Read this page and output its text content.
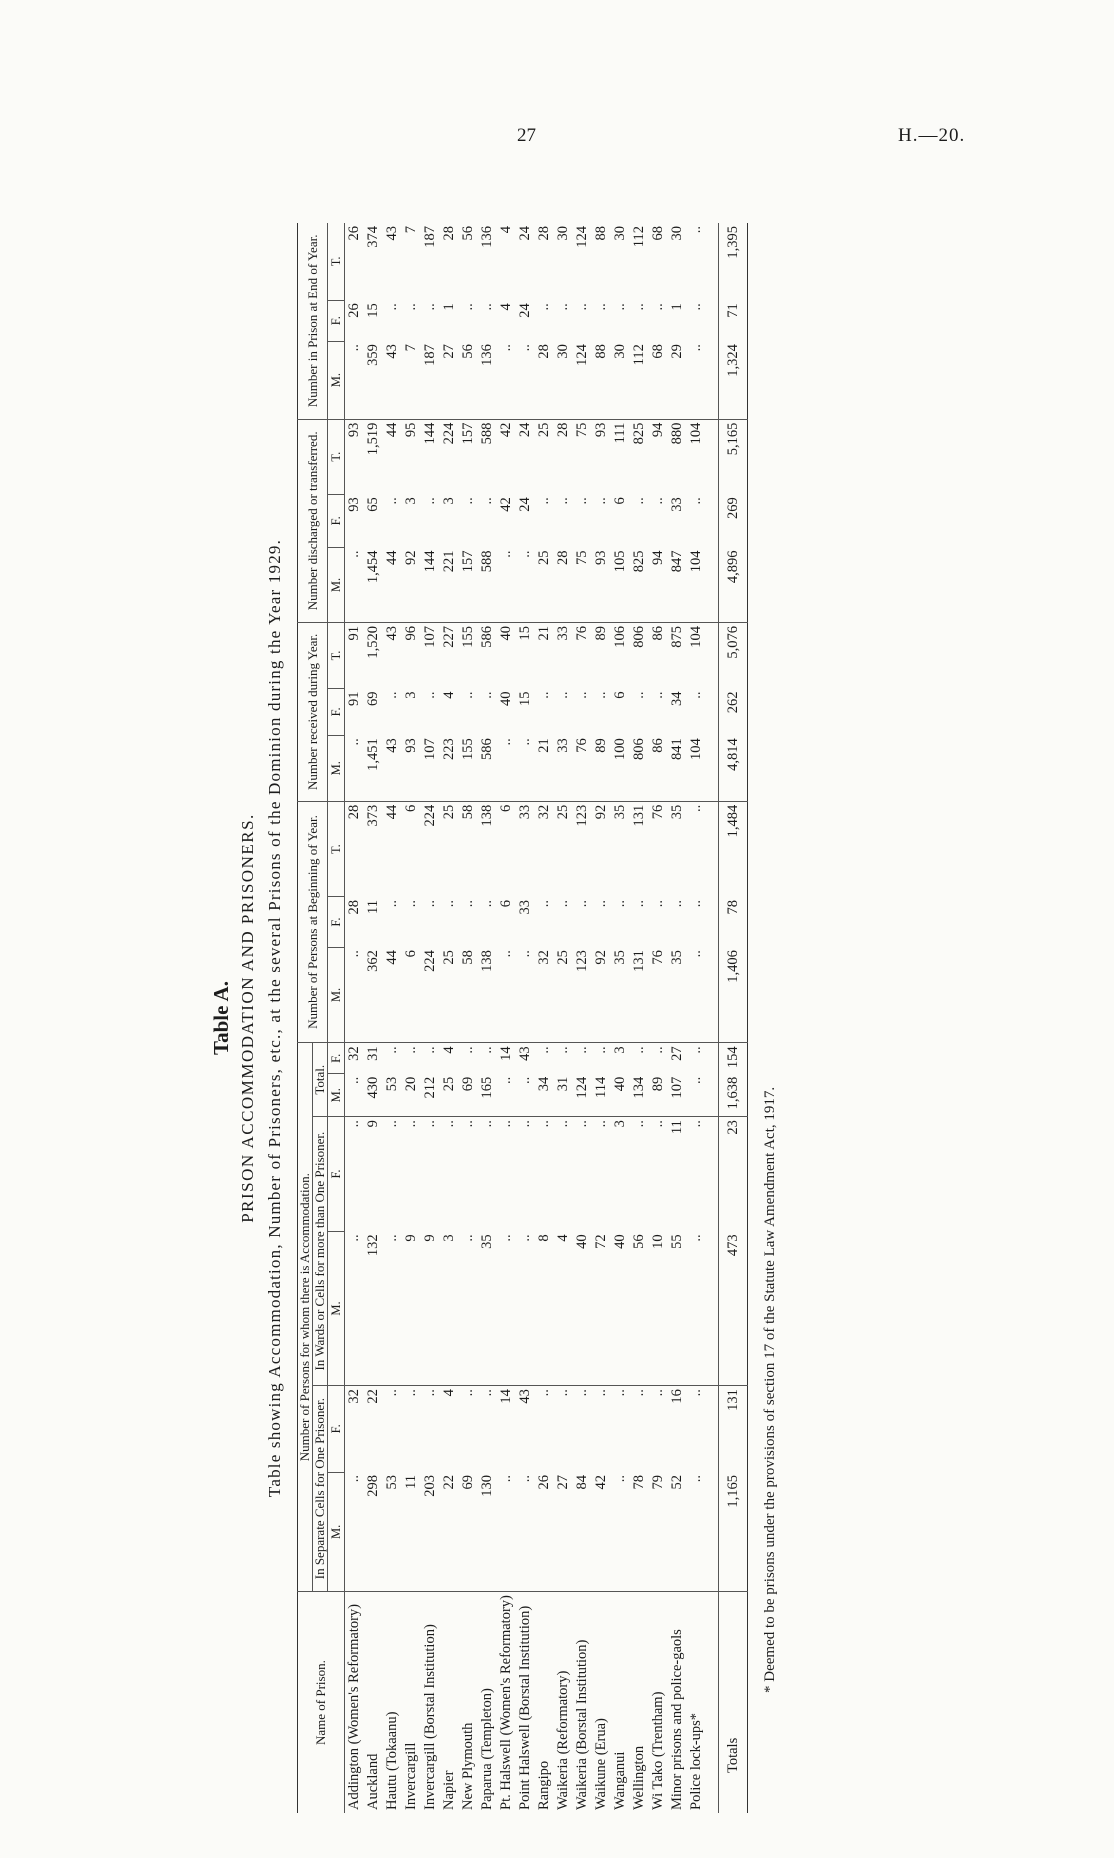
27	H.—20.
Table A. PRISON ACCOMMODATION AND PRISONERS. Table showing Accommodation, Number of Prisoners, etc., at the several Prisons of the Dominion during the Year 1929.
Name of Prison.	Number of Persons for whom there is Accommodation.						Number of Persons at Beginning of Year.			Number received during Year.			Number discharged or transferred.			Number in Prison at End of Year.		
	In Separate Cells for One Prisoner.		In Wards or Cells for more than One Prisoner.		Total.													
	M.	F.	M.	F.	M.	F.	M.	F.	T.	M.	F.	T.	M.	F.	T.	M.	F.	T.
Addington (Women's Reformatory)	..	32	..	..	..	32	..	28	28	..	91	91	..	93	93	..	26	26
Auckland	298	22	132	9	430	31	362	11	373	1,451	69	1,520	1,454	65	1,519	359	15	374
Hautu (Tokaanu)	53	..	..	..	53	..	44	..	44	43	..	43	44	..	44	43	..	43
Invercargill	11	..	9	..	20	..	6	..	6	93	3	96	92	3	95	7	..	7
Invercargill (Borstal Institution)	203	..	9	..	212	..	224	..	224	107	..	107	144	..	144	187	..	187
Napier	22	4	3	..	25	4	25	..	25	223	4	227	221	3	224	27	1	28
New Plymouth	69	..	..	..	69	..	58	..	58	155	..	155	157	..	157	56	..	56
Paparua (Templeton)	130	..	35	..	165	..	138	..	138	586	..	586	588	..	588	136	..	136
Pt. Halswell (Women's Reformatory)	..	14	..	..	..	14	..	6	6	..	40	40	..	42	42	..	4	4
Point Halswell (Borstal Institution)	..	43	..	..	..	43	..	33	33	..	15	15	..	24	24	..	24	24
Rangipo	26	..	8	..	34	..	32	..	32	21	..	21	25	..	25	28	..	28
Waikeria (Reformatory)	27	..	4	..	31	..	25	..	25	33	..	33	28	..	28	30	..	30
Waikeria (Borstal Institution)	84	..	40	..	124	..	123	..	123	76	..	76	75	..	75	124	..	124
Waikune (Erua)	42	..	72	..	114	..	92	..	92	89	..	89	93	..	93	88	..	88
Wanganui	..	..	40	3	40	3	35	..	35	100	6	106	105	6	111	30	..	30
Wellington	78	..	56	..	134	..	131	..	131	806	..	806	825	..	825	112	..	112
Wi Tako (Trentham)	79	..	10	..	89	..	76	..	76	86	..	86	94	..	94	68	..	68
Minor prisons and police-gaols	52	16	55	11	107	27	35	..	35	841	34	875	847	33	880	29	1	30
Police lock-ups*	..	..	..	..	..	..	..	..	..	104	..	104	104	..	104	..	..	..

Totals	1,165	131	473	23	1,638	154	1,406	78	1,484	4,814	262	5,076	4,896	269	5,165	1,324	71	1,395
* Deemed to be prisons under the provisions of section 17 of the Statute Law Amendment Act, 1917.
